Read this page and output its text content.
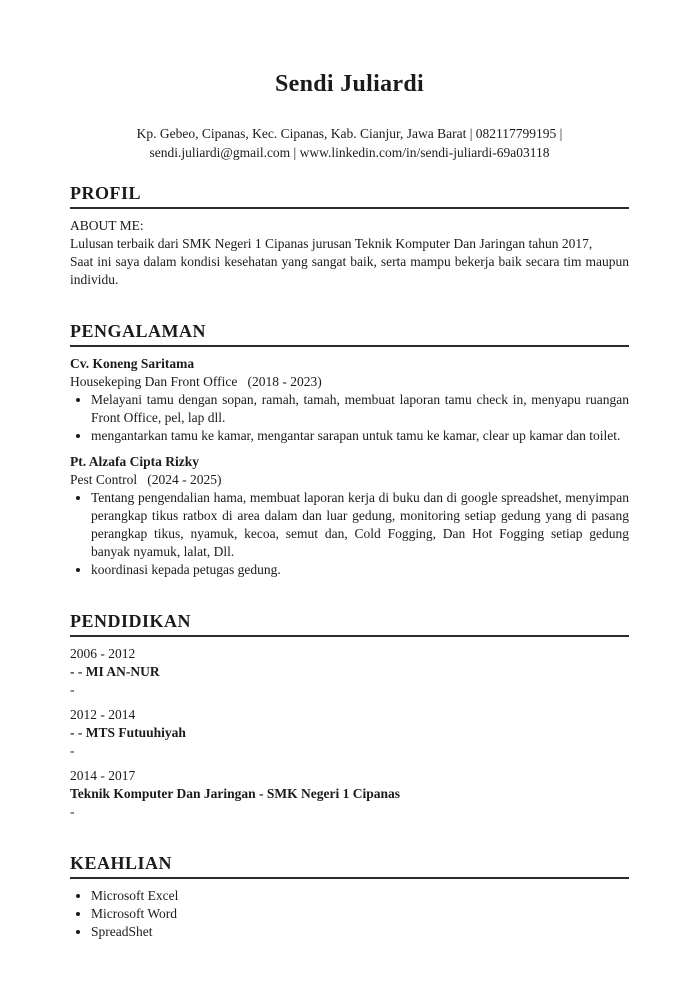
Sendi Juliardi

Kp. Gebeo, Cipanas, Kec. Cipanas, Kab. Cianjur, Jawa Barat | 082117799195 |
sendi.juliardi@gmail.com | www.linkedin.com/in/sendi-juliardi-69a03118

PROFIL

ABOUT ME:

Lulusan terbaik dari SMK Negeri 1 Cipanas jurusan Teknik Komputer Dan Jaringan tahun 2017,

Saat ini saya dalam kondisi kesehatan yang sangat baik, serta mampu bekerja baik secara tim maupun individu.

PENGALAMAN

Cv. Koneng Saritama

Housekeping Dan Front Office   (2018 - 2023)

• Melayani tamu dengan sopan, ramah, tamah, membuat laporan tamu check in, menyapu ruangan Front Office, pel, lap dll.
• mengantarkan tamu ke kamar, mengantar sarapan untuk tamu ke kamar, clear up kamar dan toilet.

Pt. Alzafa Cipta Rizky

Pest Control   (2024 - 2025)

• Tentang pengendalian hama, membuat laporan kerja di buku dan di google spreadshet, menyimpan perangkap tikus ratbox di area dalam dan luar gedung, monitoring setiap gedung yang di pasang perangkap tikus, nyamuk, kecoa, semut dan, Cold Fogging, Dan Hot Fogging setiap gedung banyak nyamuk, lalat, Dll.
• koordinasi kepada petugas gedung.
PENDIDIKAN

2006 - 2012

- - MI AN-NUR

-

2012 - 2014

- - MTS Futuuhiyah

-

2014 - 2017

Teknik Komputer Dan Jaringan - SMK Negeri 1 Cipanas

-

KEAHLIAN
• Microsoft Excel
• Microsoft Word
• SpreadShet
